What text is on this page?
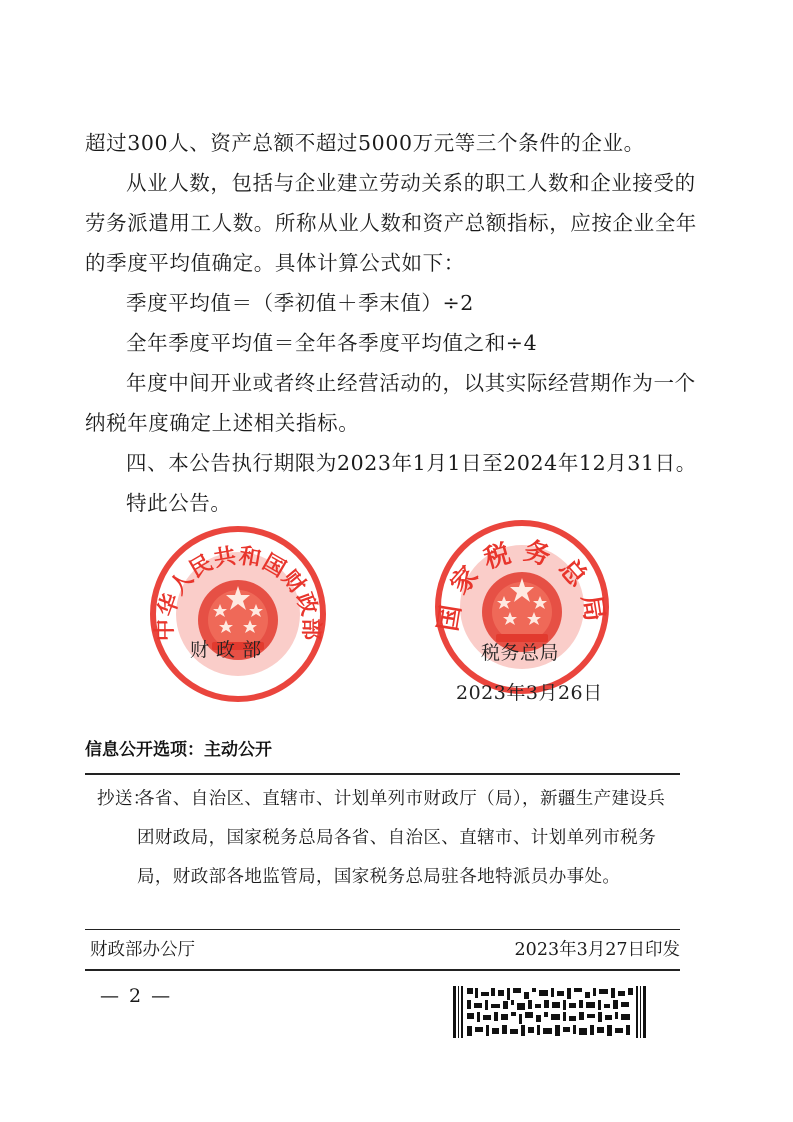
超过300人、资产总额不超过5000万元等三个条件的企业。

从业人数，包括与企业建立劳动关系的职工人数和企业接受的劳务派遣用工人数。所称从业人数和资产总额指标，应按企业全年的季度平均值确定。具体计算公式如下：

季度平均值＝（季初值＋季末值）÷2
全年季度平均值＝全年各季度平均值之和÷4

年度中间开业或者终止经营活动的，以其实际经营期作为一个纳税年度确定上述相关指标。

四、本公告执行期限为2023年1月1日至2024年12月31日。
特此公告。
中华人民共和国财政部
财 政 部
国家税务总局
税务总局
2023年3月26日
信息公开选项：主动公开
抄送：
各省、自治区、直辖市、计划单列市财政厅（局），新疆生产建设兵团财政局，国家税务总局各省、自治区、直辖市、计划单列市税务局，财政部各地监管局，国家税务总局驻各地特派员办事处。
财政部办公厅	2023年3月27日印发
— 2 —
